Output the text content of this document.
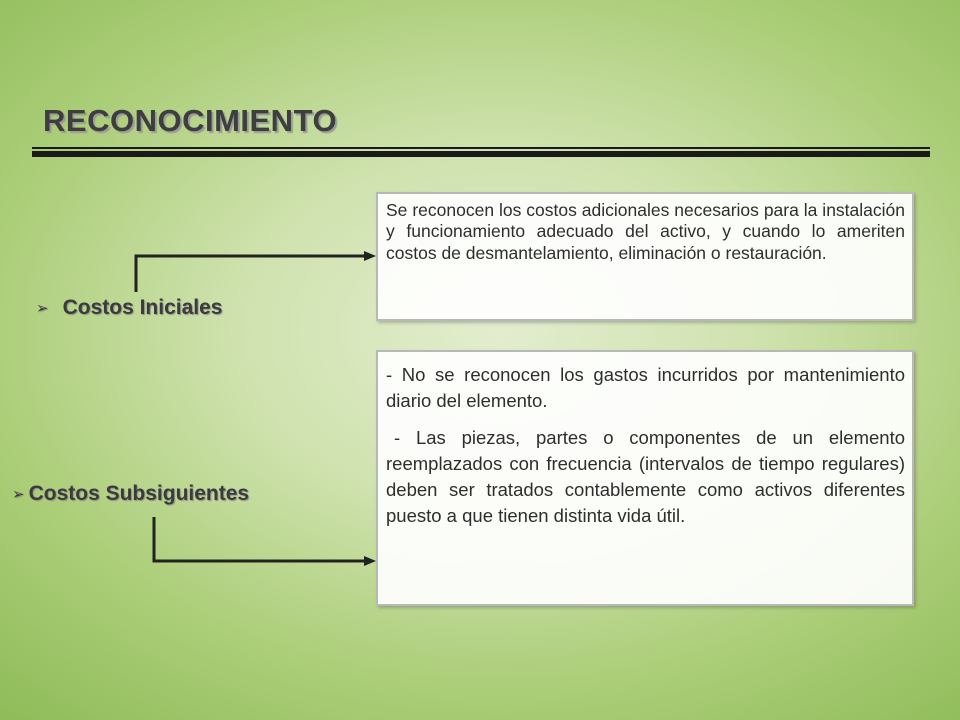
RECONOCIMIENTO
➢ Costos Iniciales
➢ Costos Subsiguientes

Se reconocen los costos adicionales necesarios para la instalación y funcionamiento adecuado del activo, y cuando lo ameriten costos de desmantelamiento, eliminación o restauración.

- No se reconocen los gastos incurridos por mantenimiento diario del elemento.

- Las piezas, partes o componentes de un elemento reemplazados con frecuencia (intervalos de tiempo regulares) deben ser tratados contablemente como activos diferentes puesto a que tienen distinta vida útil.
